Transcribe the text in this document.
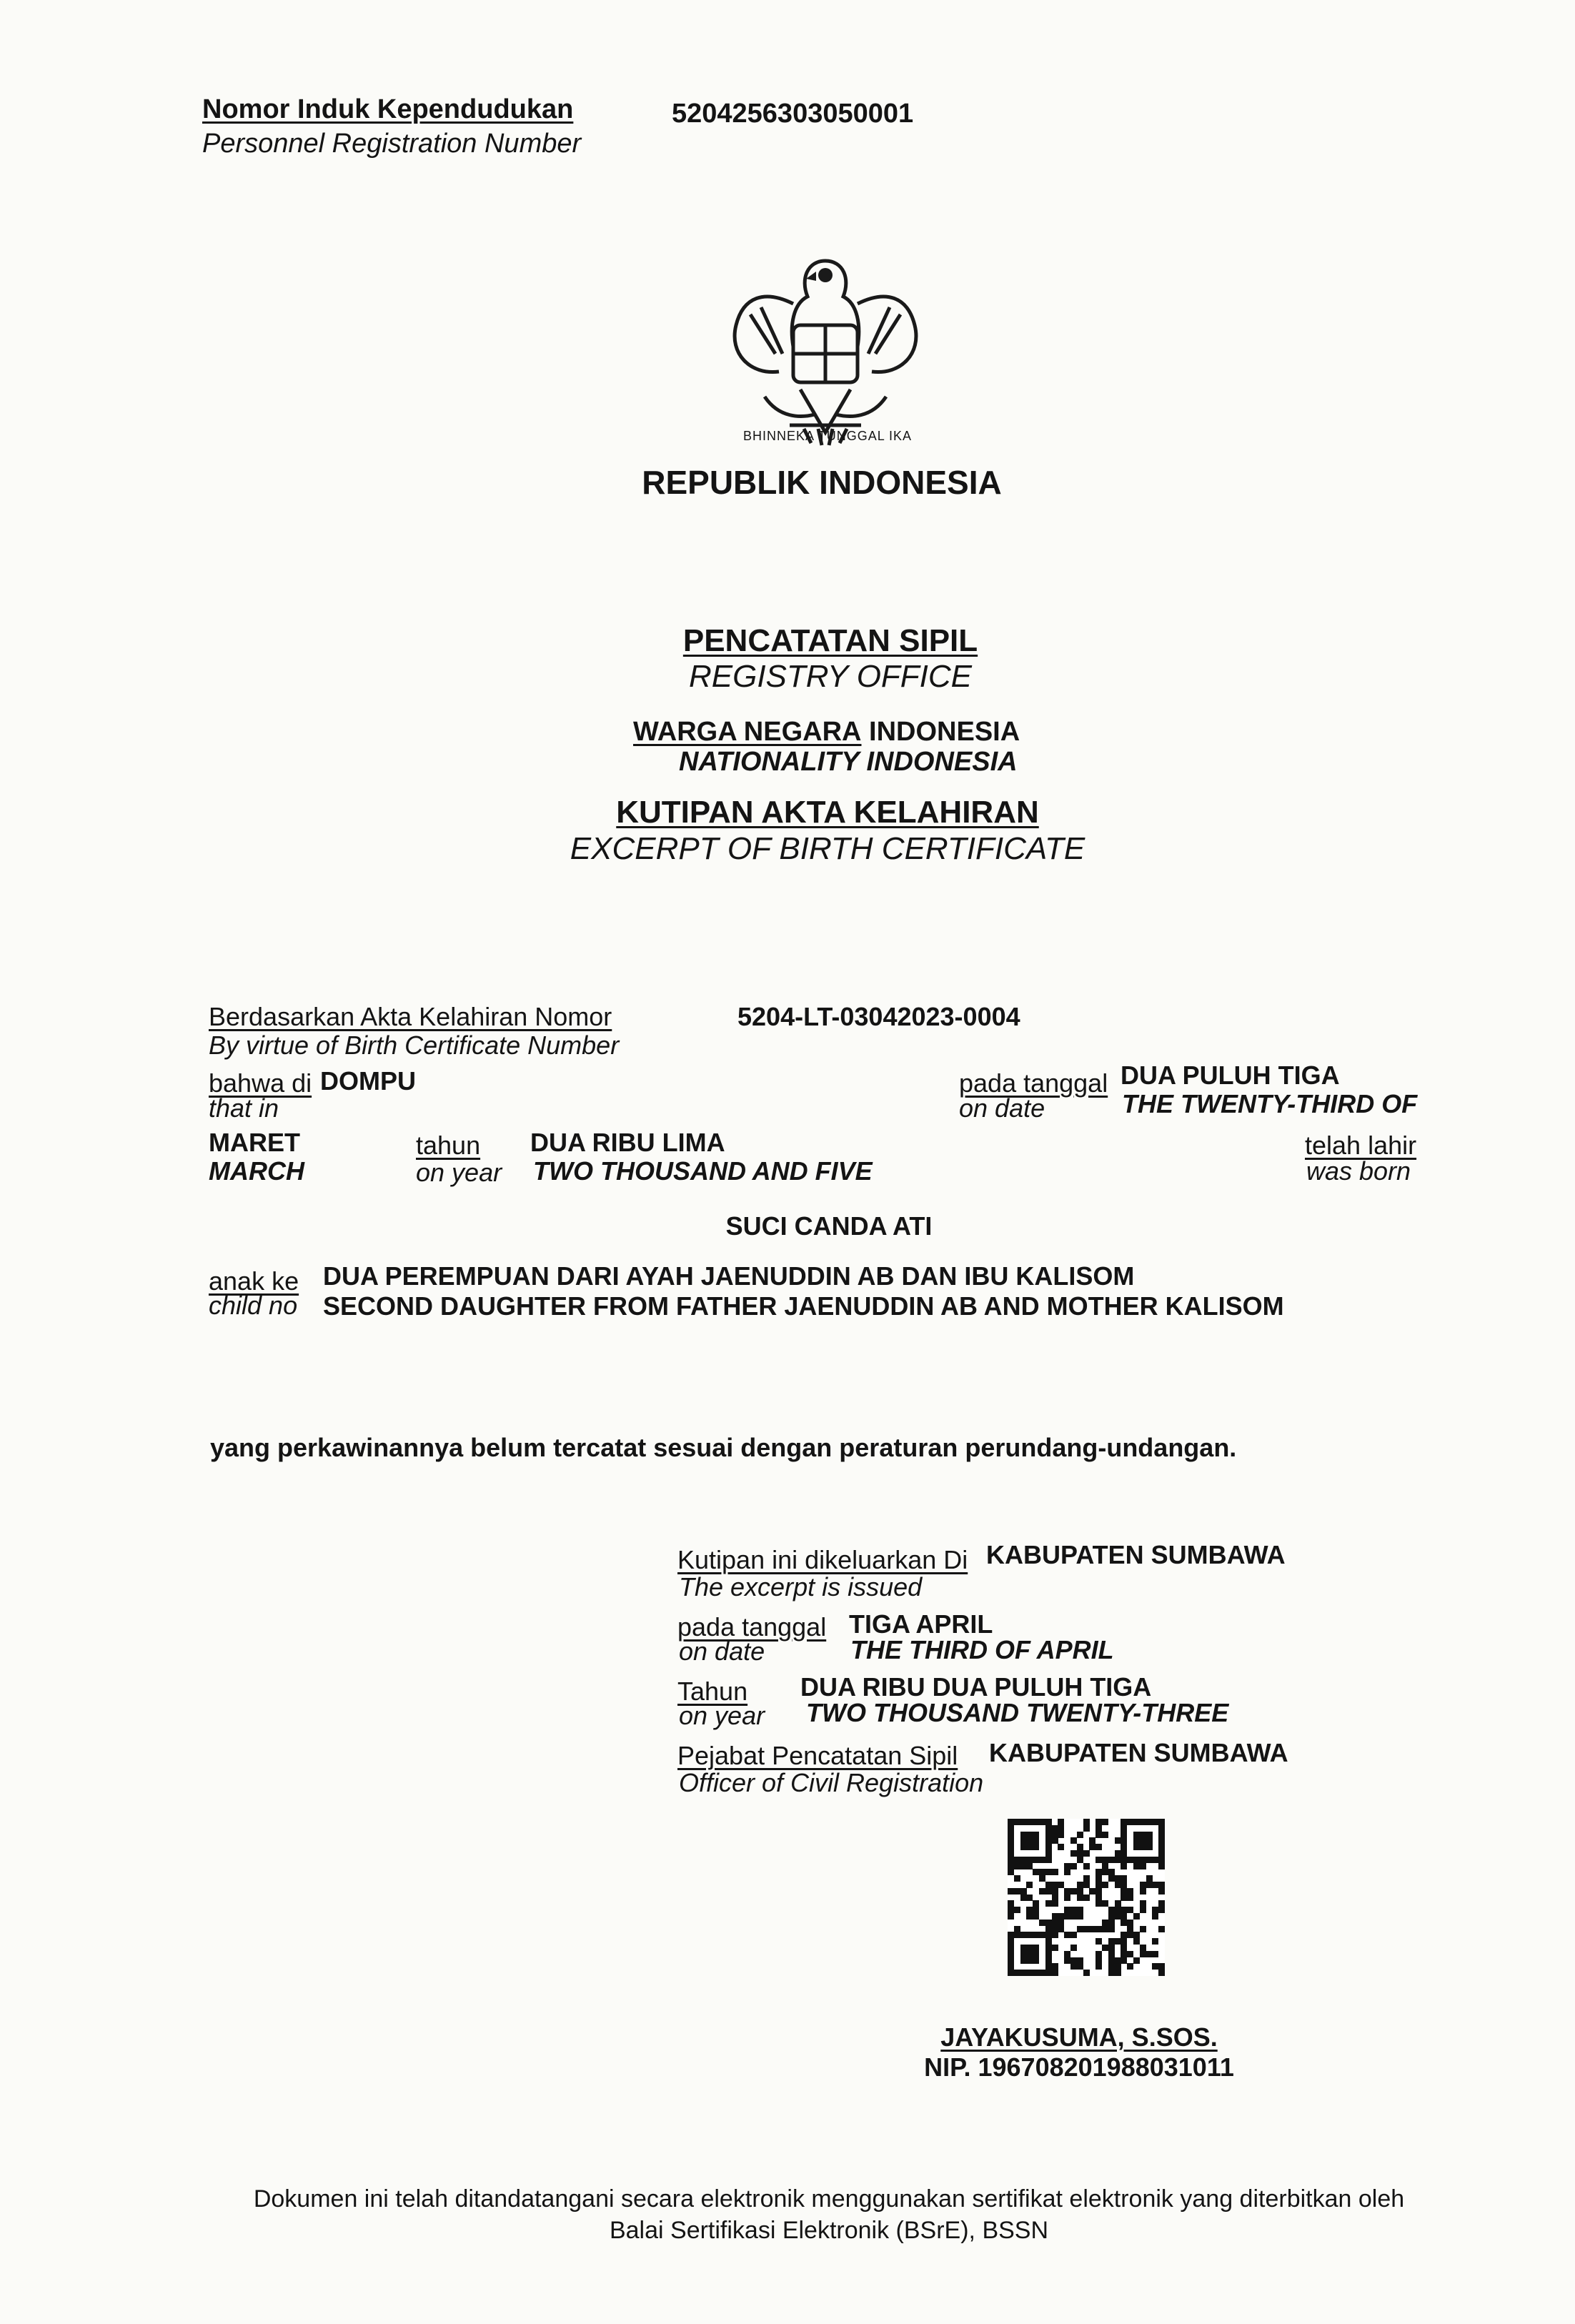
Nomor Induk Kependudukan
Personnel Registration Number
5204256303050001
BHINNEKA TUNGGAL IKA
REPUBLIK INDONESIA
PENCATATAN SIPIL
REGISTRY OFFICE
WARGA NEGARA INDONESIA
NATIONALITY INDONESIA
KUTIPAN AKTA KELAHIRAN
EXCERPT OF BIRTH CERTIFICATE
Berdasarkan Akta Kelahiran Nomor
By virtue of Birth Certificate Number
5204-LT-03042023-0004
bahwa di DOMPU
that in
pada tanggal
on date
DUA PULUH TIGA
THE TWENTY-THIRD OF
MARET
MARCH
tahun
on year
DUA RIBU LIMA
TWO THOUSAND AND FIVE
telah lahir
was born
SUCI CANDA ATI
anak ke
child no
DUA PEREMPUAN DARI AYAH JAENUDDIN AB DAN IBU KALISOM
SECOND DAUGHTER FROM FATHER JAENUDDIN AB AND MOTHER KALISOM
yang perkawinannya belum tercatat sesuai dengan peraturan perundang-undangan.
Kutipan ini dikeluarkan Di
The excerpt is issued
KABUPATEN SUMBAWA
pada tanggal
on date
TIGA APRIL
THE THIRD OF APRIL
Tahun
on year
DUA RIBU DUA PULUH TIGA
TWO THOUSAND TWENTY-THREE
Pejabat Pencatatan Sipil
Officer of Civil Registration
KABUPATEN SUMBAWA
JAYAKUSUMA, S.SOS.
NIP. 196708201988031011
Dokumen ini telah ditandatangani secara elektronik menggunakan sertifikat elektronik yang diterbitkan oleh
Balai Sertifikasi Elektronik (BSrE), BSSN
